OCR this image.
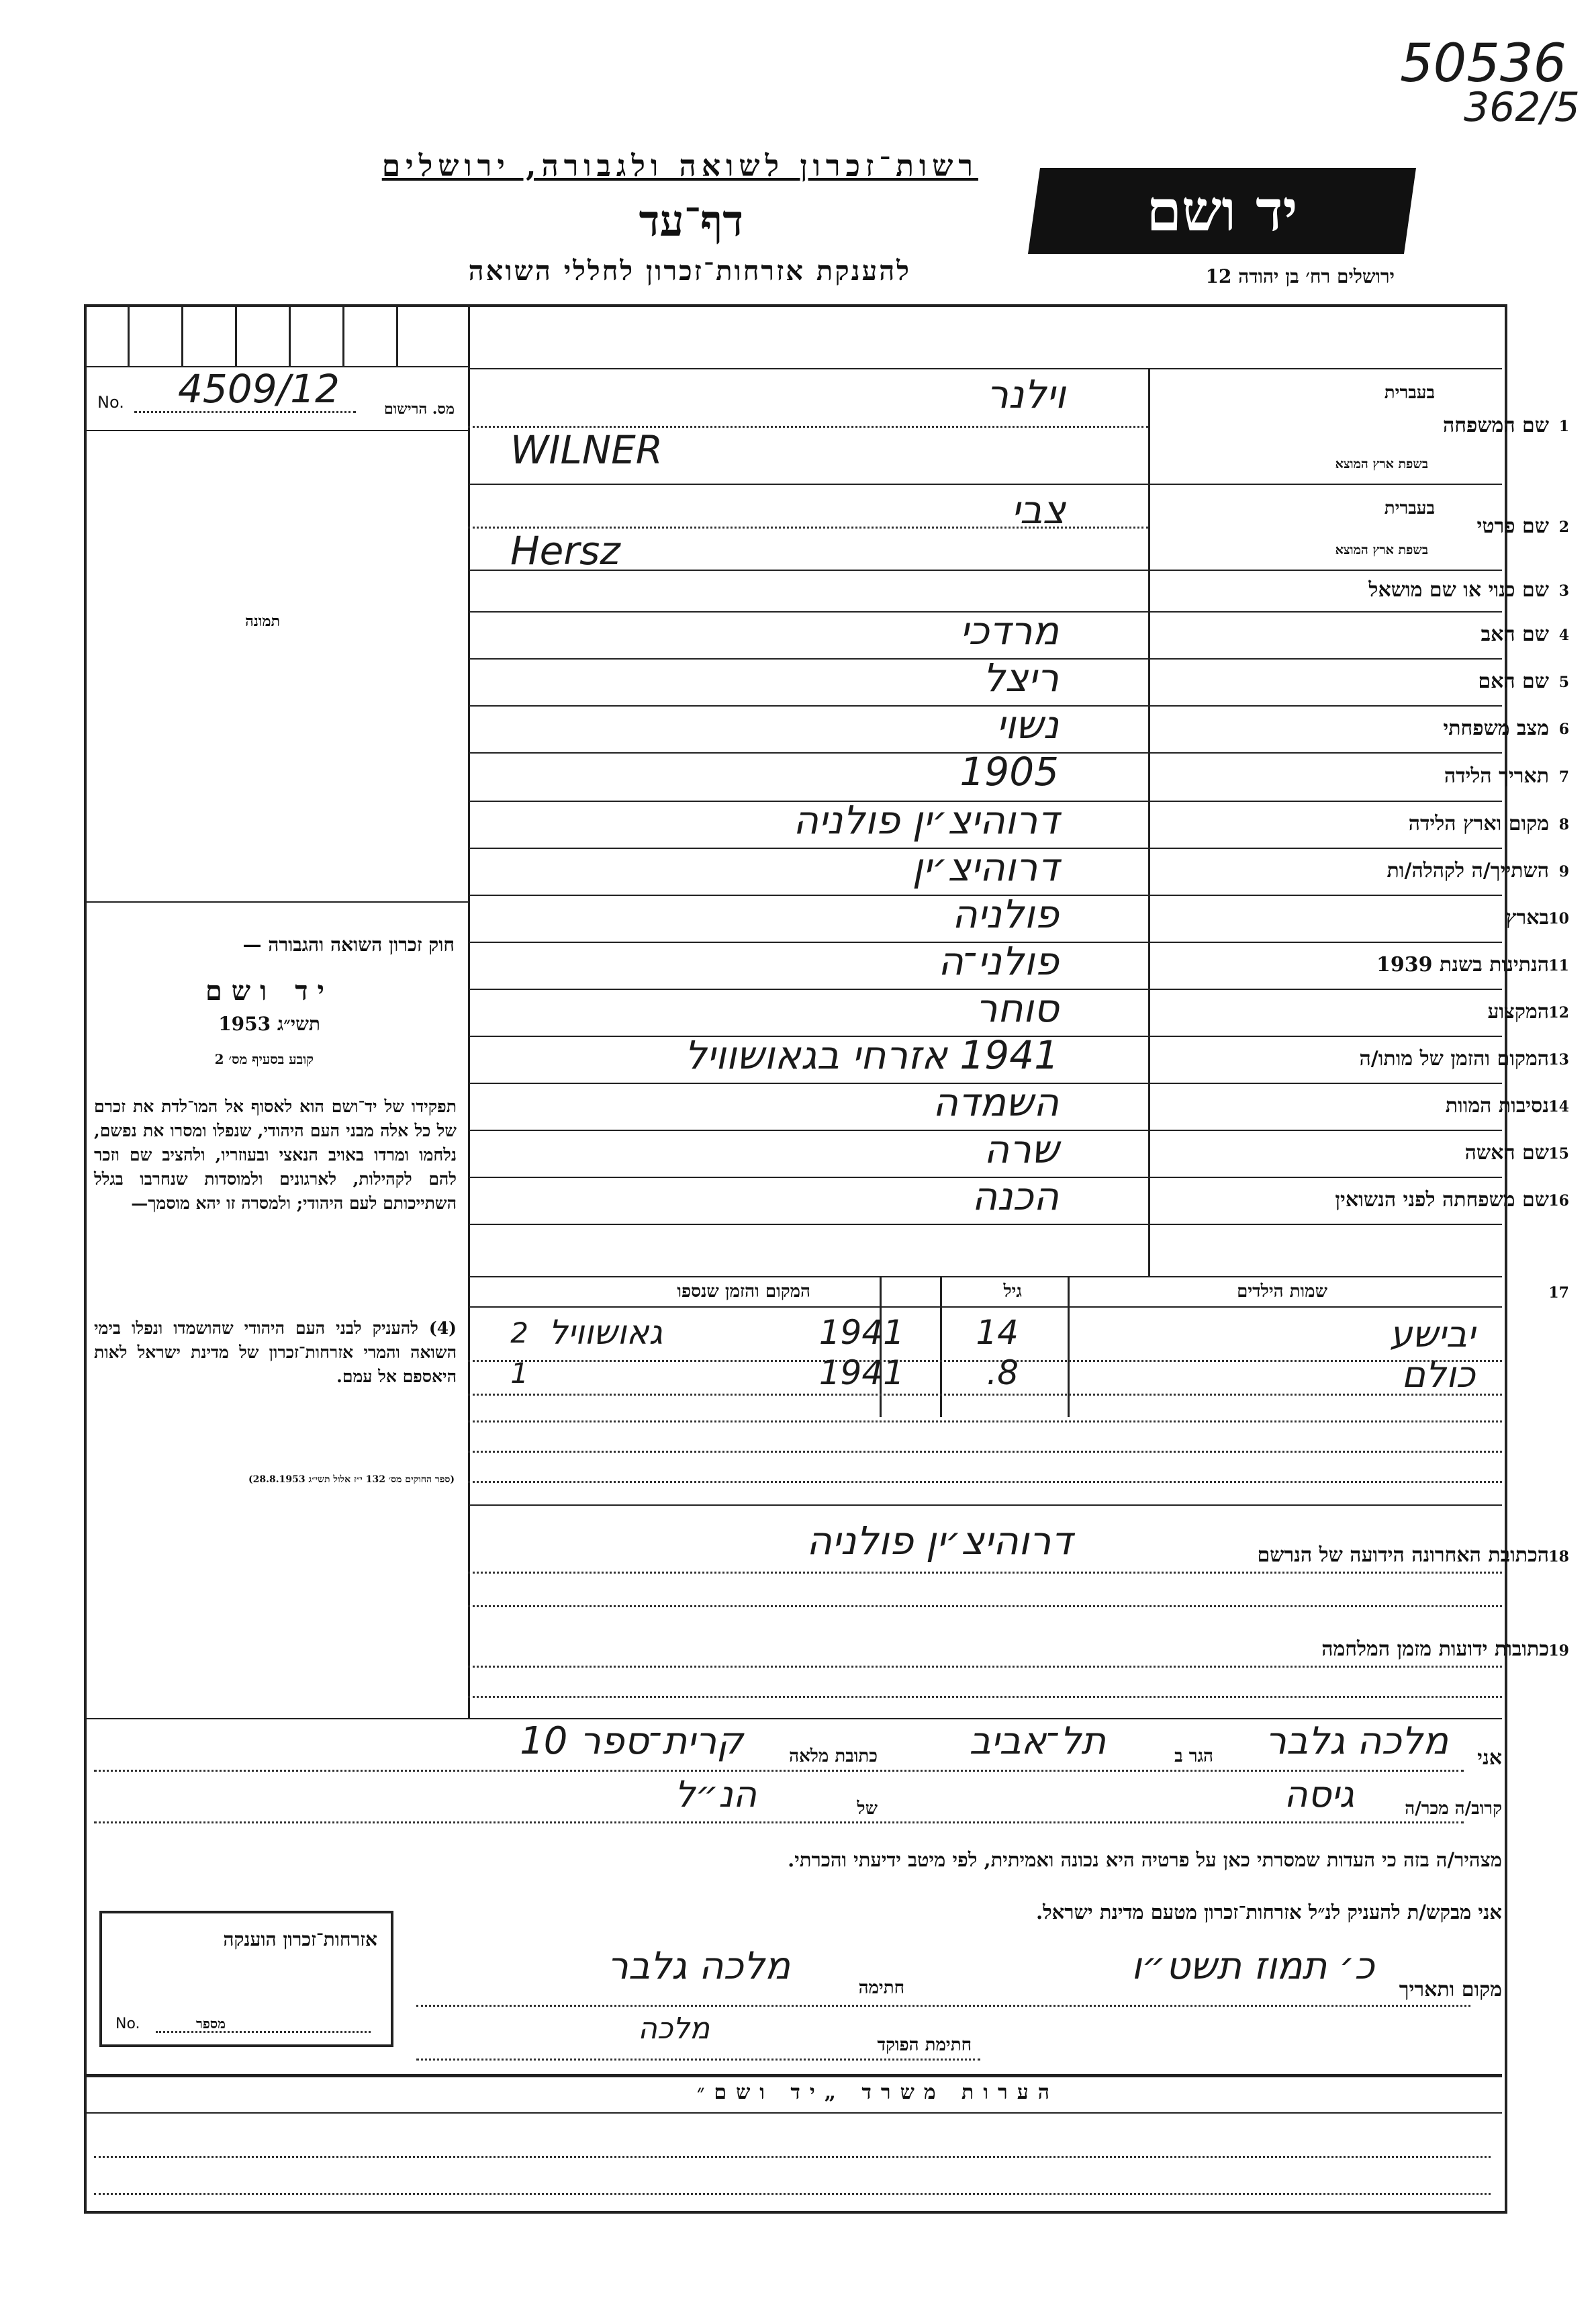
50536
362/5
רשות־זכרון לשואה ולגבורה, ירושלים
דף־עד
להענקת אזרחות־זכרון לחללי השואה
יד ושם
ירושלים רח׳ בן יהודה 12
No. 4509/12	מס. הרישום
תמונה
חוק זכרון השואה והגבורה —
יד ושם
תשי״ג 1953
קובע בסעיף מס׳ 2
תפקידו של יד־ושם הוא לאסוף אל המו־לדת את זכרם של כל אלה מבני העם היהודי, שנפלו ומסרו את נפשם, נלחמו ומרדו באויב הנאצי ובעוזריו, ולהציב שם וזכר להם לקהילות, לארגונים ולמוסדות שנחרבו בגלל השתייכותם לעם היהודי; ולמסרה זו יהא מוסמך—
(4) להעניק לבני העם היהודי שהושמדו ונפלו בימי השואה והמרי אזרחות־זכרון של מדינת ישראל לאות היאספם אל עמם.
(ספר החוקים מס׳ 132 י״ז אלול תשי״ג 28.8.1953)
1
שם המשפחה
בעברית
בשפת ארץ המוצא
וילנר
WILNER
2
שם פרטי
בעברית
בשפת ארץ המוצא
צבי
Hersz
3
שם כנוי או שם מושאל
4
שם האב
מרדכי
5
שם האם
ריצל
6
מצב משפחתי
נשוי
7
תאריך הלידה
1905
8
מקום וארץ הלידה
דרוהיצ׳ין פולניה
9
השתייך/ה לקהלה/ות
דרוהיצ׳ין
10
בארץ
פולניה
11
הנתינות בשנת 1939
פולני־ה
12
המקצוע
סוחר
13
המקום והזמן של מותו/ה
1941 אזרחי בגאושוויל
14
נסיבות המוות
השמדה
15
שם האשה
שרה
16
שם משפחתה לפני הנשואין
הכנה
17
שמות הילדים
גיל
המקום והזמן שנספו
יבישע
14
1941
גאושוויל
2
כולם
8.
1941
1
18
הכתובת האחרונה הידועה של הנרשם
דרוהיצ׳ין פולניה
19
כתובות ידועות מזמן המלחמה
אני
מלכה גלבר
הגר ב
תל־אביב
כתובת מלאה
קרית־ספר 10
קרוב/ה מכר/ה
גיסה
של
הנ״ל
מצהיר/ה בזה כי העדות שמסרתי כאן על פרטיה היא נכונה ואמיתית, לפי מיטב ידיעתי והכרתי.
אני מבקש/ת להעניק לנ״ל אזרחות־זכרון מטעם מדינת ישראל.
מקום ותאריך
כ׳ תמוז תשט״ו
חתימה
מלכה גלבר
חתימת הפוקד
מלכה
אזרחות־זכרון הוענקה
No.	מספר
הערות משרד „יד ושם״
